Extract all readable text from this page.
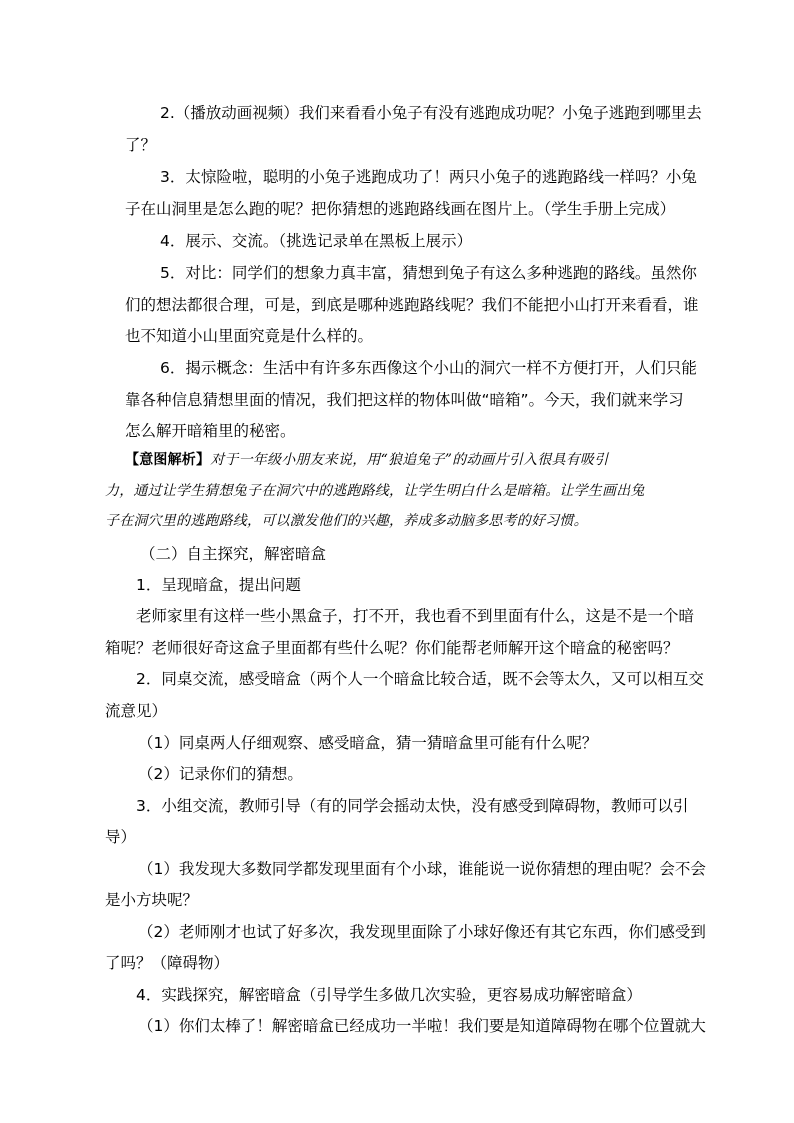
2.（播放动画视频）我们来看看小兔子有没有逃跑成功呢？小兔子逃跑到哪里去
了？
3．太惊险啦，聪明的小兔子逃跑成功了！两只小兔子的逃跑路线一样吗？小兔
子在山洞里是怎么跑的呢？把你猜想的逃跑路线画在图片上。（学生手册上完成）
4．展示、交流。（挑选记录单在黑板上展示）
5．对比：同学们的想象力真丰富，猜想到兔子有这么多种逃跑的路线。虽然你
们的想法都很合理，可是，到底是哪种逃跑路线呢？我们不能把小山打开来看看，谁
也不知道小山里面究竟是什么样的。
6．揭示概念：生活中有许多东西像这个小山的洞穴一样不方便打开，人们只能
靠各种信息猜想里面的情况，我们把这样的物体叫做“暗箱”。今天，我们就来学习
怎么解开暗箱里的秘密。
【意图解析】对于一年级小朋友来说，用“狼追兔子”的动画片引入很具有吸引
力，通过让学生猜想兔子在洞穴中的逃跑路线，让学生明白什么是暗箱。让学生画出兔
子在洞穴里的逃跑路线，可以激发他们的兴趣，养成多动脑多思考的好习惯。
（二）自主探究，解密暗盒
1．呈现暗盒，提出问题
老师家里有这样一些小黑盒子，打不开，我也看不到里面有什么，这是不是一个暗
箱呢？老师很好奇这盒子里面都有些什么呢？你们能帮老师解开这个暗盒的秘密吗？
2．同桌交流，感受暗盒（两个人一个暗盒比较合适，既不会等太久，又可以相互交
流意见）
（1）同桌两人仔细观察、感受暗盒，猜一猜暗盒里可能有什么呢？
（2）记录你们的猜想。
3．小组交流，教师引导（有的同学会摇动太快，没有感受到障碍物，教师可以引
导）
（1）我发现大多数同学都发现里面有个小球，谁能说一说你猜想的理由呢？会不会
是小方块呢？
（2）老师刚才也试了好多次，我发现里面除了小球好像还有其它东西，你们感受到
了吗？（障碍物）
4．实践探究，解密暗盒（引导学生多做几次实验，更容易成功解密暗盒）
（1）你们太棒了！解密暗盒已经成功一半啦！我们要是知道障碍物在哪个位置就大
